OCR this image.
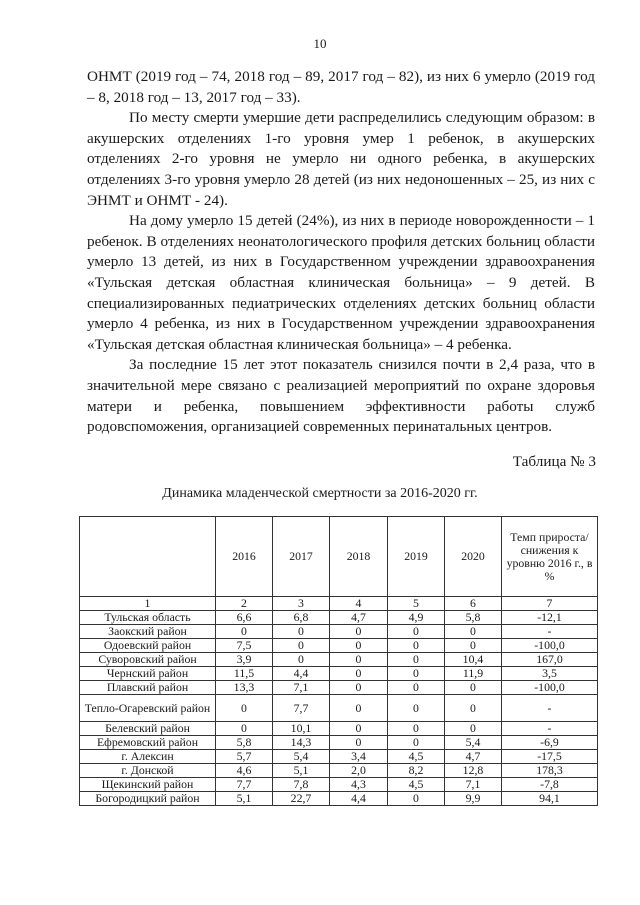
10

ОНМТ (2019 год – 74, 2018 год – 89, 2017 год – 82), из них 6 умерло (2019 год – 8, 2018 год – 13, 2017 год – 33).

По месту смерти умершие дети распределились следующим образом: в акушерских отделениях 1-го уровня умер 1 ребенок, в акушерских отделениях 2-го уровня не умерло ни одного ребенка, в акушерских отделениях 3-го уровня умерло 28 детей (из них недоношенных – 25, из них с ЭНМТ и ОНМТ - 24).

На дому умерло 15 детей (24%), из них в периоде новорожденности – 1 ребенок. В отделениях неонатологического профиля детских больниц области умерло 13 детей, из них в Государственном учреждении здравоохранения «Тульская детская областная клиническая больница» – 9 детей. В специализированных педиатрических отделениях детских больниц области умерло 4 ребенка, из них в Государственном учреждении здравоохранения «Тульская детская областная клиническая больница» – 4 ребенка.

За последние 15 лет этот показатель снизился почти в 2,4 раза, что в значительной мере связано с реализацией мероприятий по охране здоровья матери и ребенка, повышением эффективности работы служб родовспоможения, организацией современных перинатальных центров.

Таблица № 3
Динамика младенческой смертности за 2016-2020 гг.
	2016	2017	2018	2019	2020	Темп прироста/ снижения к уровню 2016 г., в %
1	2	3	4	5	6	7
Тульская область	6,6	6,8	4,7	4,9	5,8	-12,1
Заокский район	0	0	0	0	0	-
Одоевский район	7,5	0	0	0	0	-100,0
Суворовский район	3,9	0	0	0	10,4	167,0
Чернский район	11,5	4,4	0	0	11,9	3,5
Плавский район	13,3	7,1	0	0	0	-100,0
Тепло-Огаревский район	0	7,7	0	0	0	-
Белевский район	0	10,1	0	0	0	-
Ефремовский район	5,8	14,3	0	0	5,4	-6,9
г. Алексин	5,7	5,4	3,4	4,5	4,7	-17,5
г. Донской	4,6	5,1	2,0	8,2	12,8	178,3
Щекинский район	7,7	7,8	4,3	4,5	7,1	-7,8
Богородицкий район	5,1	22,7	4,4	0	9,9	94,1
